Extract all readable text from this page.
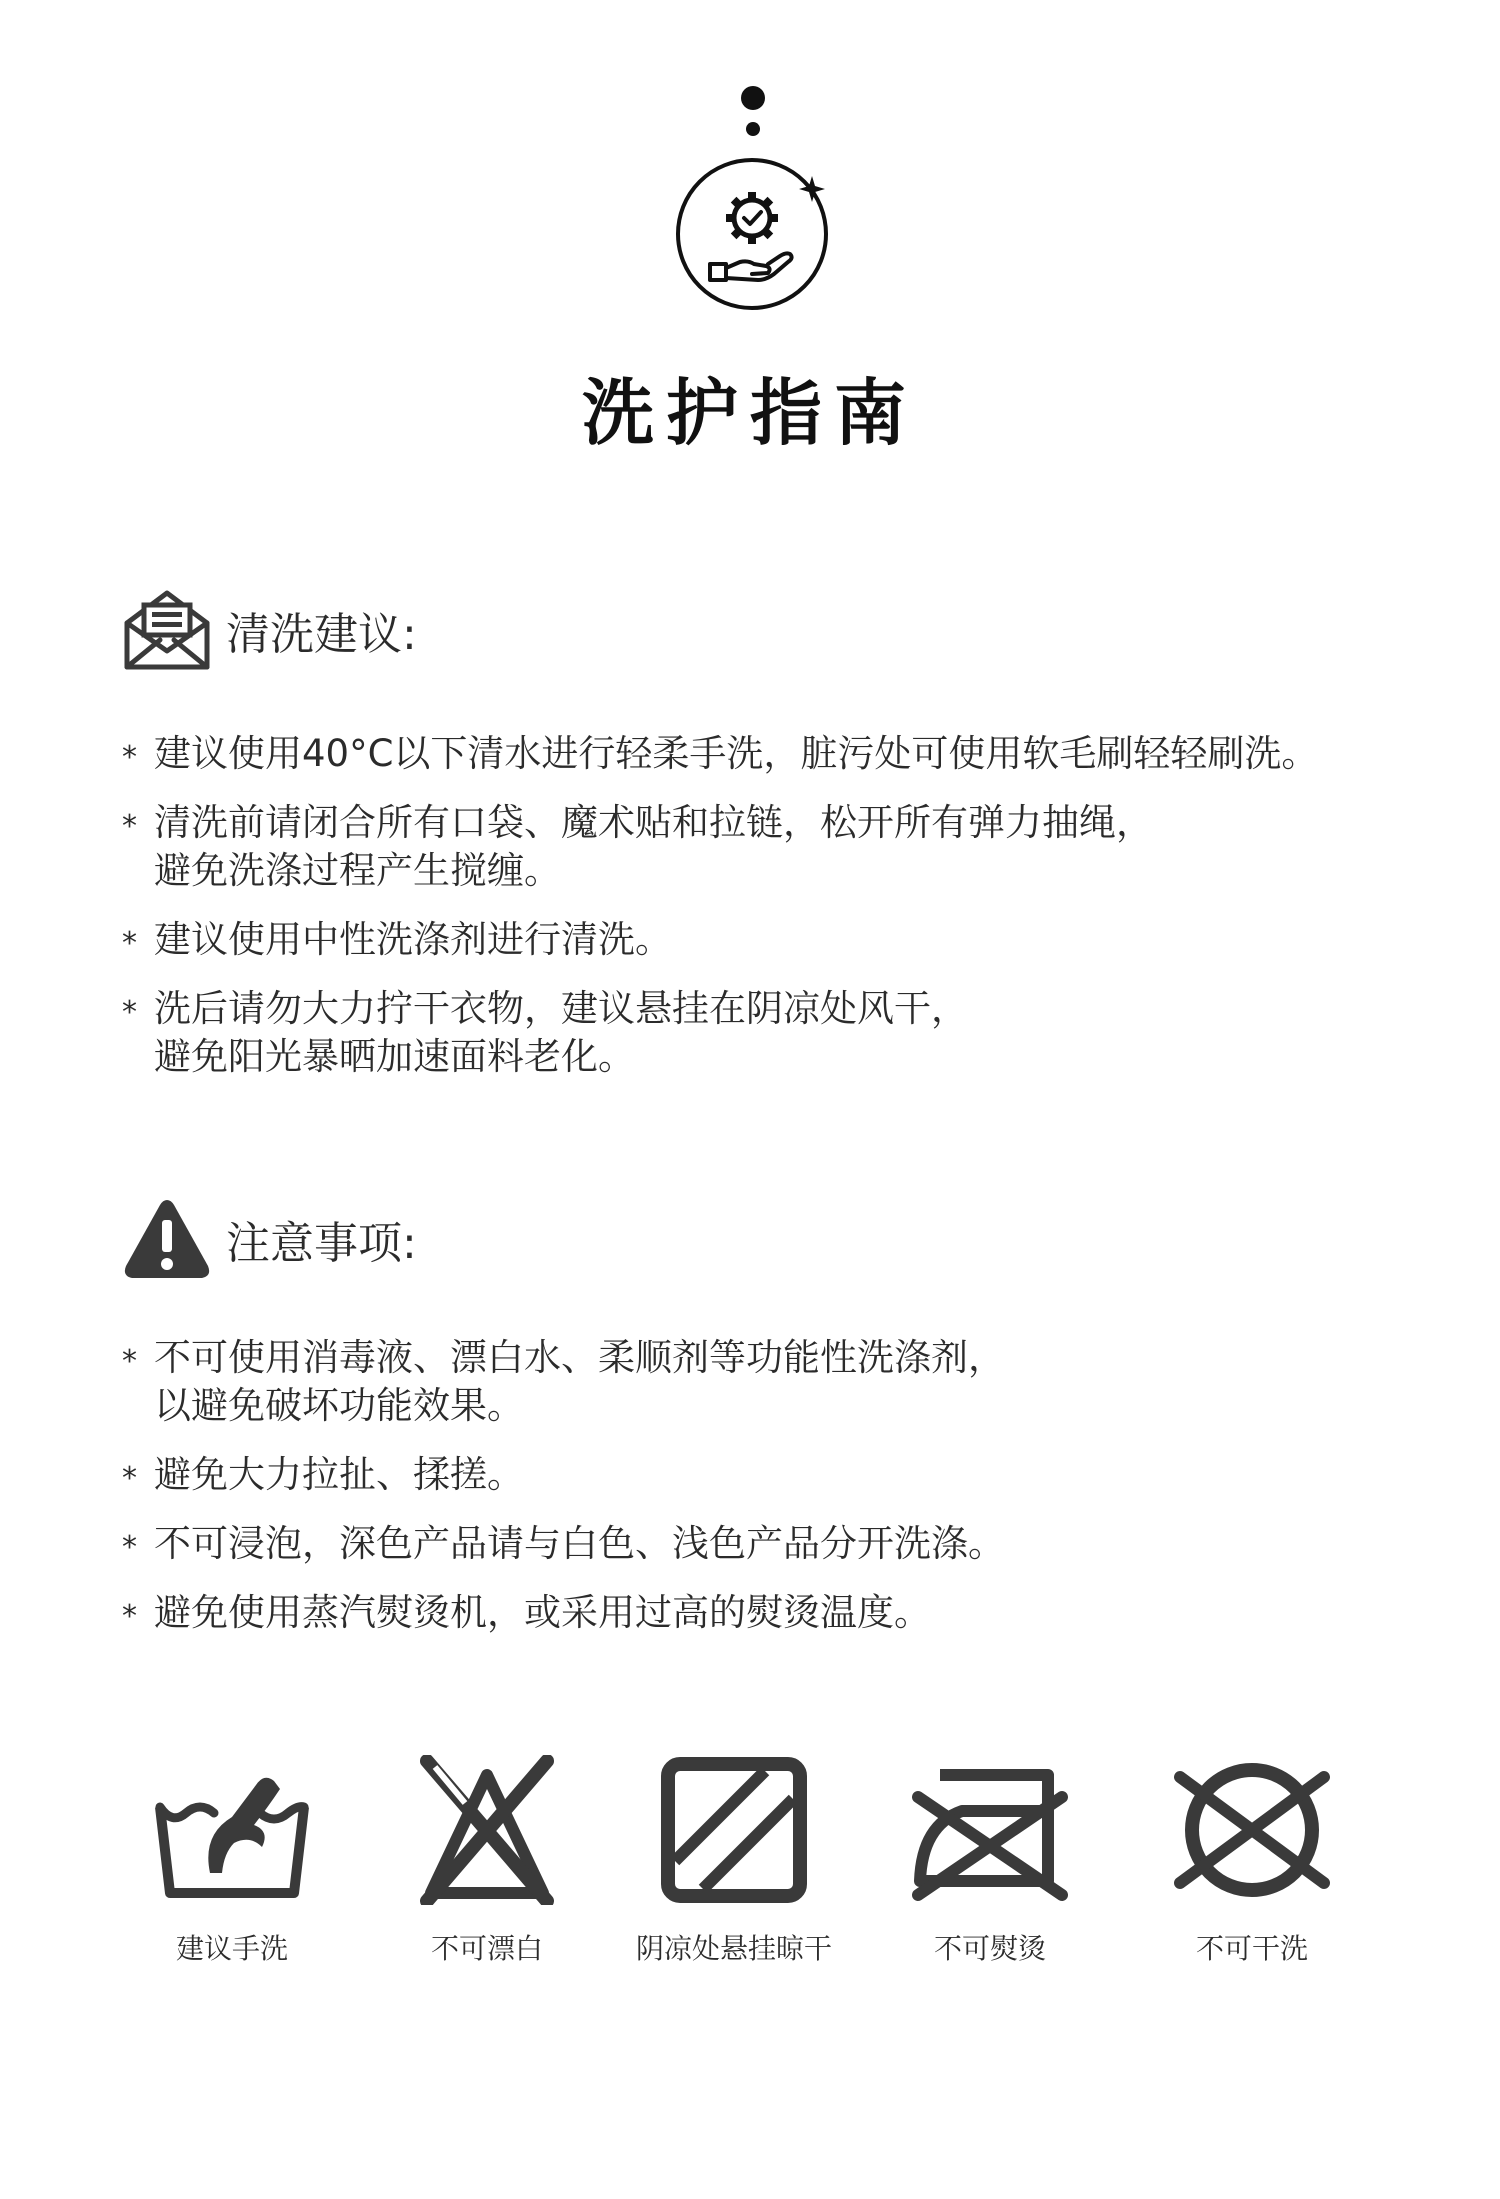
洗护指南
清洗建议:
* 建议使用40°C以下清水进行轻柔手洗，脏污处可使用软毛刷轻轻刷洗。
* 清洗前请闭合所有口袋、魔术贴和拉链，松开所有弹力抽绳，
避免洗涤过程产生搅缠。
* 建议使用中性洗涤剂进行清洗。
* 洗后请勿大力拧干衣物，建议悬挂在阴凉处风干，
避免阳光暴晒加速面料老化。
注意事项:
* 不可使用消毒液、漂白水、柔顺剂等功能性洗涤剂，
以避免破坏功能效果。
* 避免大力拉扯、揉搓。
* 不可浸泡，深色产品请与白色、浅色产品分开洗涤。
* 避免使用蒸汽熨烫机，或采用过高的熨烫温度。
建议手洗	不可漂白	阴凉处悬挂晾干	不可熨烫	不可干洗
